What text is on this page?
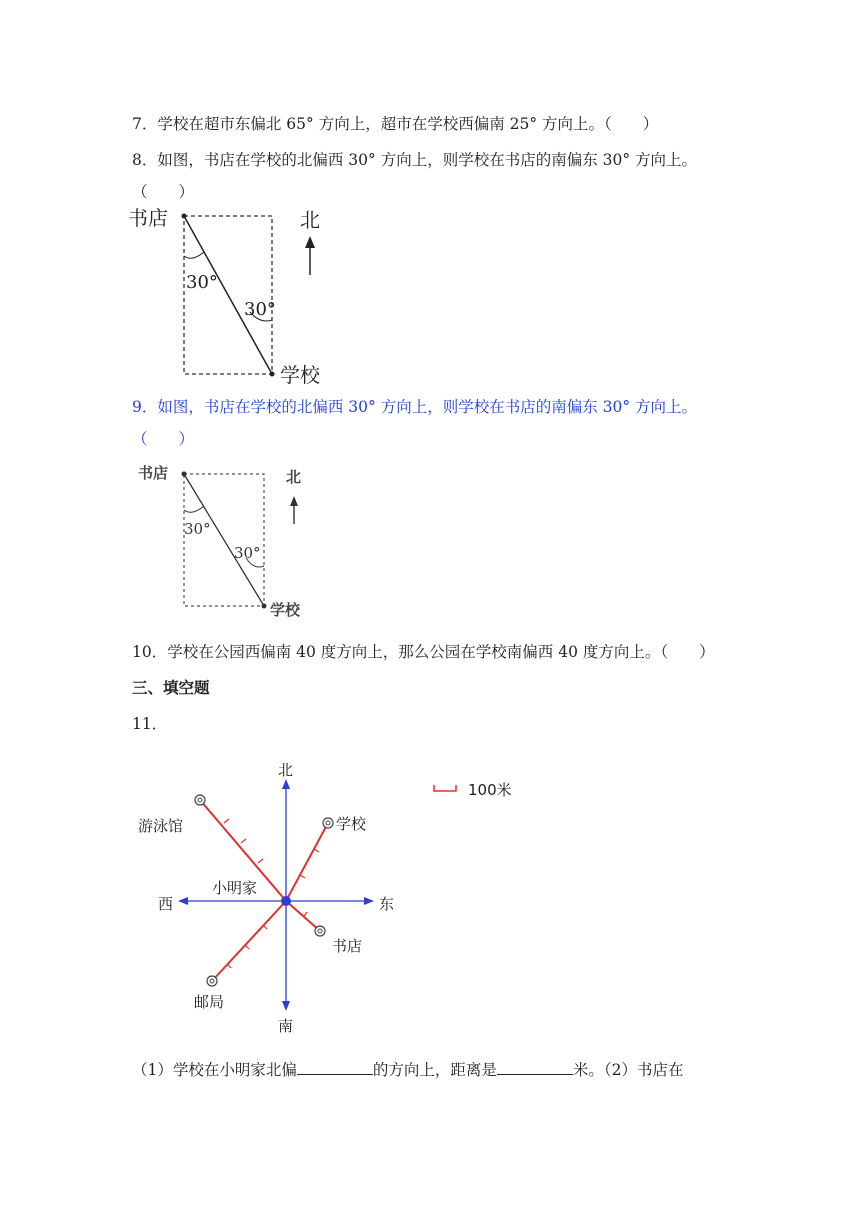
7．学校在超市东偏北 65° 方向上，超市在学校西偏南 25° 方向上。（　　）
8．如图，书店在学校的北偏西 30° 方向上，则学校在书店的南偏东 30° 方向上。
（　　）
书店	北
30°
30°
学校
9．如图，书店在学校的北偏西 30° 方向上，则学校在书店的南偏东 30° 方向上。
（　　）
书店	北
30°
30°
学校
10．学校在公园西偏南 40 度方向上，那么公园在学校南偏西 40 度方向上。（　　）
三、填空题
11．
北
南
西	东
小明家
学校
游泳馆
书店
邮局
100米
（1）学校在小明家北偏	的方向上，距离是	米。（2）书店在
